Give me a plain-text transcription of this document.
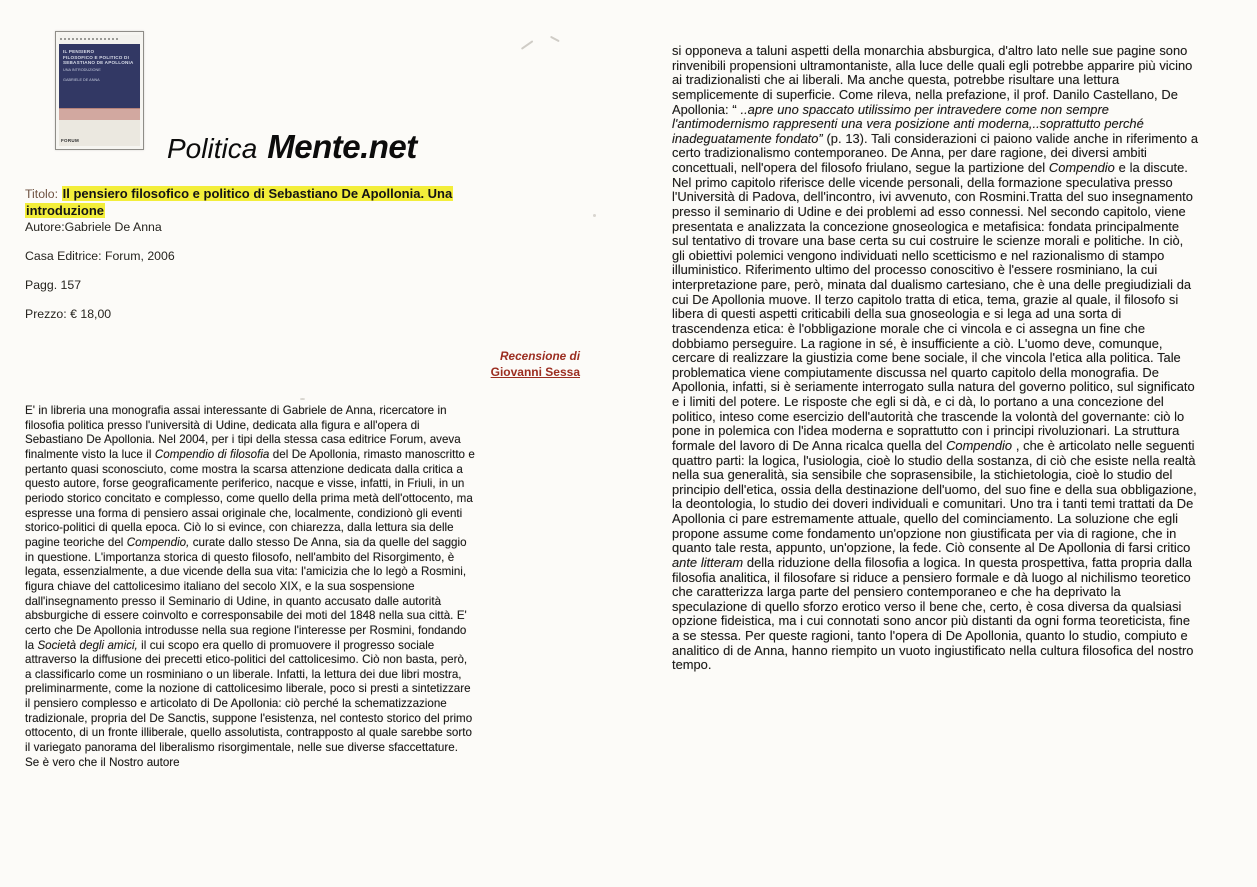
IL PENSIERO
FILOSOFICO E POLITICO DI
SEBASTIANO DE APOLLONIA
UNA INTRODUZIONE
GABRIELE DE ANNA
FORUM	Politica Mente.net
Titolo: Il pensiero filosofico e politico di Sebastiano De Apollonia. Una introduzione
Autore:Gabriele De Anna
Casa Editrice: Forum, 2006
Pagg. 157
Prezzo: € 18,00
Recensione di
Giovanni Sessa
E' in libreria una monografia assai interessante di Gabriele de Anna, ricercatore in filosofia politica presso l'università di Udine, dedicata alla figura e all'opera di Sebastiano De Apollonia. Nel 2004, per i tipi della stessa casa editrice Forum, aveva finalmente visto la luce il Compendio di filosofia del De Apollonia, rimasto manoscritto e pertanto quasi sconosciuto, come mostra la scarsa attenzione dedicata dalla critica a questo autore, forse geograficamente periferico, nacque e visse, infatti, in Friuli, in un periodo storico concitato e complesso, come quello della prima metà dell'ottocento, ma espresse una forma di pensiero assai originale che, localmente, condizionò gli eventi storico-politici di quella epoca. Ciò lo si evince, con chiarezza, dalla lettura sia delle pagine teoriche del Compendio, curate dallo stesso De Anna, sia da quelle del saggio in questione. L'importanza storica di questo filosofo, nell'ambito del Risorgimento, è legata, essenzialmente, a due vicende della sua vita: l'amicizia che lo legò a Rosmini, figura chiave del cattolicesimo italiano del secolo XIX, e la sua sospensione dall'insegnamento presso il Seminario di Udine, in quanto accusato dalle autorità absburgiche di essere coinvolto e corresponsabile dei moti del 1848 nella sua città. E' certo che De Apollonia introdusse nella sua regione l'interesse per Rosmini, fondando la Società degli amici, il cui scopo era quello di promuovere il progresso sociale attraverso la diffusione dei precetti etico-politici del cattolicesimo. Ciò non basta, però, a classificarlo come un rosminiano o un liberale. Infatti, la lettura dei due libri mostra, preliminarmente, come la nozione di cattolicesimo liberale, poco si presti a sintetizzare il pensiero complesso e articolato di De Apollonia: ciò perché la schematizzazione tradizionale, propria del De Sanctis, suppone l'esistenza, nel contesto storico del primo ottocento, di un fronte illiberale, quello assolutista, contrapposto al quale sarebbe sorto il variegato panorama del liberalismo risorgimentale, nelle sue diverse sfaccettature. Se è vero che il Nostro autore
si opponeva a taluni aspetti della monarchia absburgica, d'altro lato nelle sue pagine sono rinvenibili propensioni ultramontaniste, alla luce delle quali egli potrebbe apparire più vicino ai tradizionalisti che ai liberali. Ma anche questa, potrebbe risultare una lettura semplicemente di superficie. Come rileva, nella prefazione, il prof. Danilo Castellano, De Apollonia: “ ..apre uno spaccato utilissimo per intravedere come non sempre l'antimodernismo rappresenti una vera posizione anti moderna,..soprattutto perché inadeguatamente fondato” (p. 13). Tali considerazioni ci paiono valide anche in riferimento a certo tradizionalismo contemporaneo. De Anna, per dare ragione, dei diversi ambiti concettuali, nell'opera del filosofo friulano, segue la partizione del Compendio e la discute. Nel primo capitolo riferisce delle vicende personali, della formazione speculativa presso l'Università di Padova, dell'incontro, ivi avvenuto, con Rosmini.Tratta del suo insegnamento presso il seminario di Udine e dei problemi ad esso connessi. Nel secondo capitolo, viene presentata e analizzata la concezione gnoseologica e metafisica: fondata principalmente sul tentativo di trovare una base certa su cui costruire le scienze morali e politiche. In ciò, gli obiettivi polemici vengono individuati nello scetticismo e nel razionalismo di stampo illuministico. Riferimento ultimo del processo conoscitivo è l'essere rosminiano, la cui interpretazione pare, però, minata dal dualismo cartesiano, che è una delle pregiudiziali da cui De Apollonia muove. Il terzo capitolo tratta di etica, tema, grazie al quale, il filosofo si libera di questi aspetti criticabili della sua gnoseologia e si lega ad una sorta di trascendenza etica: è l'obbligazione morale che ci vincola e ci assegna un fine che dobbiamo perseguire. La ragione in sé, è insufficiente a ciò. L'uomo deve, comunque, cercare di realizzare la giustizia come bene sociale, il che vincola l'etica alla politica. Tale problematica viene compiutamente discussa nel quarto capitolo della monografia. De Apollonia, infatti, si è seriamente interrogato sulla natura del governo politico, sul significato e i limiti del potere. Le risposte che egli si dà, e ci dà, lo portano a una concezione del politico, inteso come esercizio dell'autorità che trascende la volontà del governante: ciò lo pone in polemica con l'idea moderna e soprattutto con i principi rivoluzionari. La struttura formale del lavoro di De Anna ricalca quella del Compendio , che è articolato nelle seguenti quattro parti: la logica, l'usiologia, cioè lo studio della sostanza, di ciò che esiste nella realtà nella sua generalità, sia sensibile che soprasensibile, la stichietologia, cioè lo studio del principio dell'etica, ossia della destinazione dell'uomo, del suo fine e della sua obbligazione, la deontologia, lo studio dei doveri individuali e comunitari. Uno tra i tanti temi trattati da De Apollonia ci pare estremamente attuale, quello del cominciamento. La soluzione che egli propone assume come fondamento un'opzione non giustificata per via di ragione, che in quanto tale resta, appunto, un'opzione, la fede. Ciò consente al De Apollonia di farsi critico ante litteram della riduzione della filosofia a logica. In questa prospettiva, fatta propria dalla filosofia analitica, il filosofare si riduce a pensiero formale e dà luogo al nichilismo teoretico che caratterizza larga parte del pensiero contemporaneo e che ha deprivato la speculazione di quello sforzo erotico verso il bene che, certo, è cosa diversa da qualsiasi opzione fideistica, ma i cui connotati sono ancor più distanti da ogni forma teoreticista, fine a se stessa. Per queste ragioni, tanto l'opera di De Apollonia, quanto lo studio, compiuto e analitico di de Anna, hanno riempito un vuoto ingiustificato nella cultura filosofica del nostro tempo.
